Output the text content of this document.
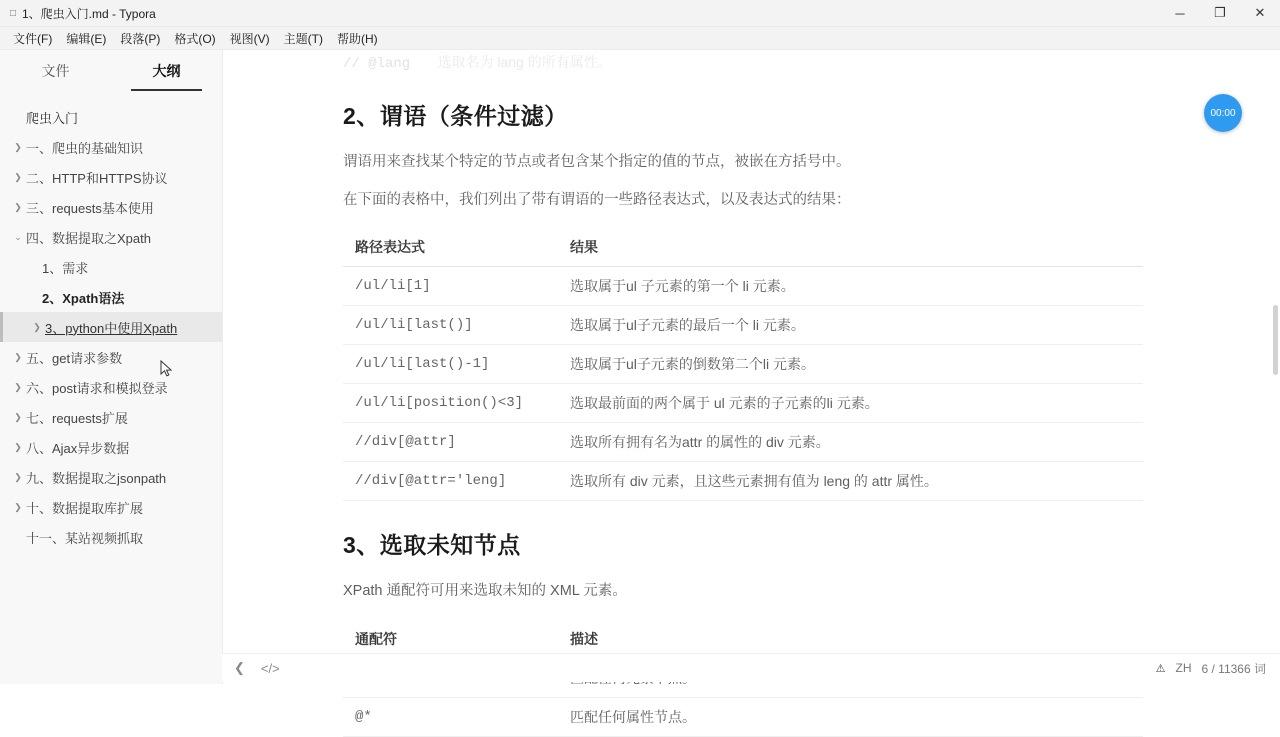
□ 1、爬虫入门.md - Typora	─	❐	✕
文件(F)	编辑(E)	段落(P)	格式(O)	视图(V)	主题(T)	帮助(H)
文件	大纲
爬虫入门
❯ 一、爬虫的基础知识
❯ 二、HTTP和HTTPS协议
❯ 三、requests基本使用
⌄ 四、数据提取之Xpath
1、需求
2、Xpath语法
❯ 3、python中使用Xpath
❯ 五、get请求参数
❯ 六、post请求和模拟登录
❯ 七、requests扩展
❯ 八、Ajax异步数据
❯ 九、数据提取之jsonpath
❯ 十、数据提取库扩展
十一、某站视频抓取
// @lang 选取名为 lang 的所有属性。
2、谓语（条件过滤）

谓语用来查找某个特定的节点或者包含某个指定的值的节点，被嵌在方括号中。

在下面的表格中，我们列出了带有谓语的一些路径表达式，以及表达式的结果：

路径表达式	结果
/ul/li[1]	选取属于ul 子元素的第一个 li 元素。
/ul/li[last()]	选取属于ul子元素的最后一个 li 元素。
/ul/li[last()-1]	选取属于ul子元素的倒数第二个li 元素。
/ul/li[position()<3]	选取最前面的两个属于 ul 元素的子元素的li 元素。
//div[@attr]	选取所有拥有名为attr 的属性的 div 元素。
//div[@attr='leng]	选取所有 div 元素，且这些元素拥有值为 leng 的 attr 属性。
3、选取未知节点

XPath 通配符可用来选取未知的 XML 元素。

通配符	描述

@*	匹配任何属性节点。
00:00
❮ </>	⚠ ZH 6 / 11366 词
